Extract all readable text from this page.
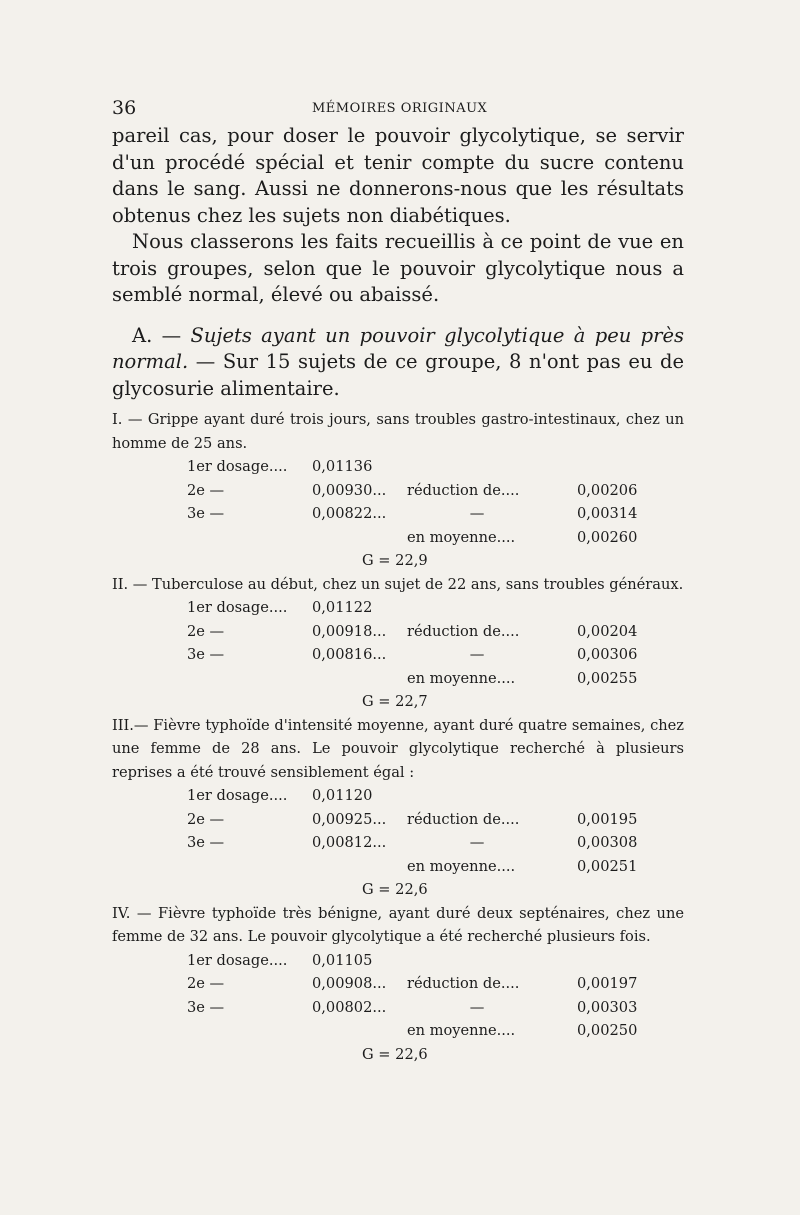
36	MÉMOIRES ORIGINAUX

pareil cas, pour doser le pouvoir glycolytique, se servir d'un procédé spécial et tenir compte du sucre contenu dans le sang. Aussi ne donnerons-nous que les résultats obtenus chez les sujets non diabétiques.

Nous classerons les faits recueillis à ce point de vue en trois groupes, selon que le pouvoir glycolytique nous a semblé normal, élevé ou abaissé.

A. — Sujets ayant un pouvoir glycolytique à peu près normal. — Sur 15 sujets de ce groupe, 8 n'ont pas eu de glycosurie alimentaire.

I. — Grippe ayant duré trois jours, sans troubles gastro-intestinaux, chez un homme de 25 ans.

1er dosage....	0,01136		
2e —	0,00930...	réduction de....	0,00206
3e —	0,00822...	—	0,00314
		en moyenne....	0,00260
G = 22,9

II. — Tuberculose au début, chez un sujet de 22 ans, sans troubles généraux.

1er dosage....	0,01122		
2e —	0,00918...	réduction de....	0,00204
3e —	0,00816...	—	0,00306
		en moyenne....	0,00255
G = 22,7

III.— Fièvre typhoïde d'intensité moyenne, ayant duré quatre semaines, chez une femme de 28 ans. Le pouvoir glycolytique recherché à plusieurs reprises a été trouvé sensiblement égal :

1er dosage....	0,01120		
2e —	0,00925...	réduction de....	0,00195
3e —	0,00812...	—	0,00308
		en moyenne....	0,00251
G = 22,6

IV. — Fièvre typhoïde très bénigne, ayant duré deux septénaires, chez une femme de 32 ans. Le pouvoir glycolytique a été recherché plusieurs fois.

1er dosage....	0,01105		
2e —	0,00908...	réduction de....	0,00197
3e —	0,00802...	—	0,00303
		en moyenne....	0,00250
G = 22,6
